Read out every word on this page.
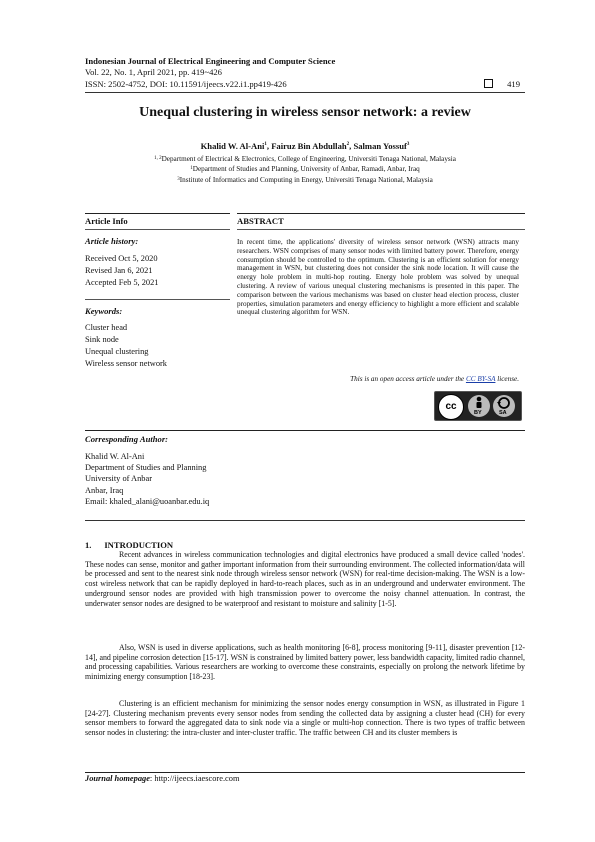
Indonesian Journal of Electrical Engineering and Computer Science
Vol. 22, No. 1, April 2021, pp. 419~426
ISSN: 2502-4752, DOI: 10.11591/ijeecs.v22.i1.pp419-426	419
Unequal clustering in wireless sensor network: a review
Khalid W. Al-Ani$^1$, Fairuz Bin Abdullah$^2$, Salman Yossuf$^3$
$^{1, 2}$Department of Electrical & Electronics, College of Engineering, Universiti Tenaga National, Malaysia
$^1$Department of Studies and Planning, University of Anbar, Ramadi, Anbar, Iraq
$^3$Institute of Informatics and Computing in Energy, Universiti Tenaga National, Malaysia
Article Info	ABSTRACT
Article history:
Received Oct 5, 2020
Revised Jan 6, 2021
Accepted Feb 5, 2021
Keywords:
Cluster head
Sink node
Unequal clustering
Wireless sensor network
In recent time, the applications' diversity of wireless sensor network (WSN) attracts many researchers. WSN comprises of many sensor nodes with limited battery power. Therefore, energy consumption should be controlled to the optimum. Clustering is an efficient solution for energy management in WSN, but clustering does not consider the sink node location. It will cause the energy hole problem in multi-hop routing. Energy hole problem was solved by unequal clustering. A review of various unequal clustering mechanisms is presented in this paper. The comparison between the various mechanisms was based on cluster head election process, cluster properties, simulation parameters and energy efficiency to highlight a more efficient and scalable unequal clustering algorithm for WSN.
This is an open access article under the CC BY-SA license.
cc
BY	SA
Corresponding Author:
Khalid W. Al-Ani
Department of Studies and Planning
University of Anbar
Anbar, Iraq
Email: khaled_alani@uoanbar.edu.iq
1.      INTRODUCTION
Recent advances in wireless communication technologies and digital electronics have produced a small device called 'nodes'. These nodes can sense, monitor and gather important information from their surrounding environment. The collected information/data will be processed and sent to the nearest sink node through wireless sensor network (WSN) for real-time decision-making. The WSN is a low-cost wireless network that can be rapidly deployed in hard-to-reach places, such as in an underground and underwater environment. The underground sensor nodes are provided with high transmission power to overcome the noisy channel attenuation. In contrast, the underwater sensor nodes are designed to be waterproof and resistant to moisture and salinity [1-5].
Also, WSN is used in diverse applications, such as health monitoring [6-8], process monitoring [9-11], disaster prevention [12-14], and pipeline corrosion detection [15-17]. WSN is constrained by limited battery power, less bandwidth capacity, limited radio channel, and processing capabilities. Various researchers are working to overcome these constraints, especially on prolong the network lifetime by minimizing energy consumption [18-23].
Clustering is an efficient mechanism for minimizing the sensor nodes energy consumption in WSN, as illustrated in Figure 1 [24-27]. Clustering mechanism prevents every sensor nodes from sending the collected data by assigning a cluster head (CH) for every sensor members to forward the aggregated data to sink node via a single or multi-hop connection. There is two types of traffic between sensor nodes in clustering: the intra-cluster and inter-cluster traffic. The traffic between CH and its cluster members is
Journal homepage: http://ijeecs.iaescore.com
